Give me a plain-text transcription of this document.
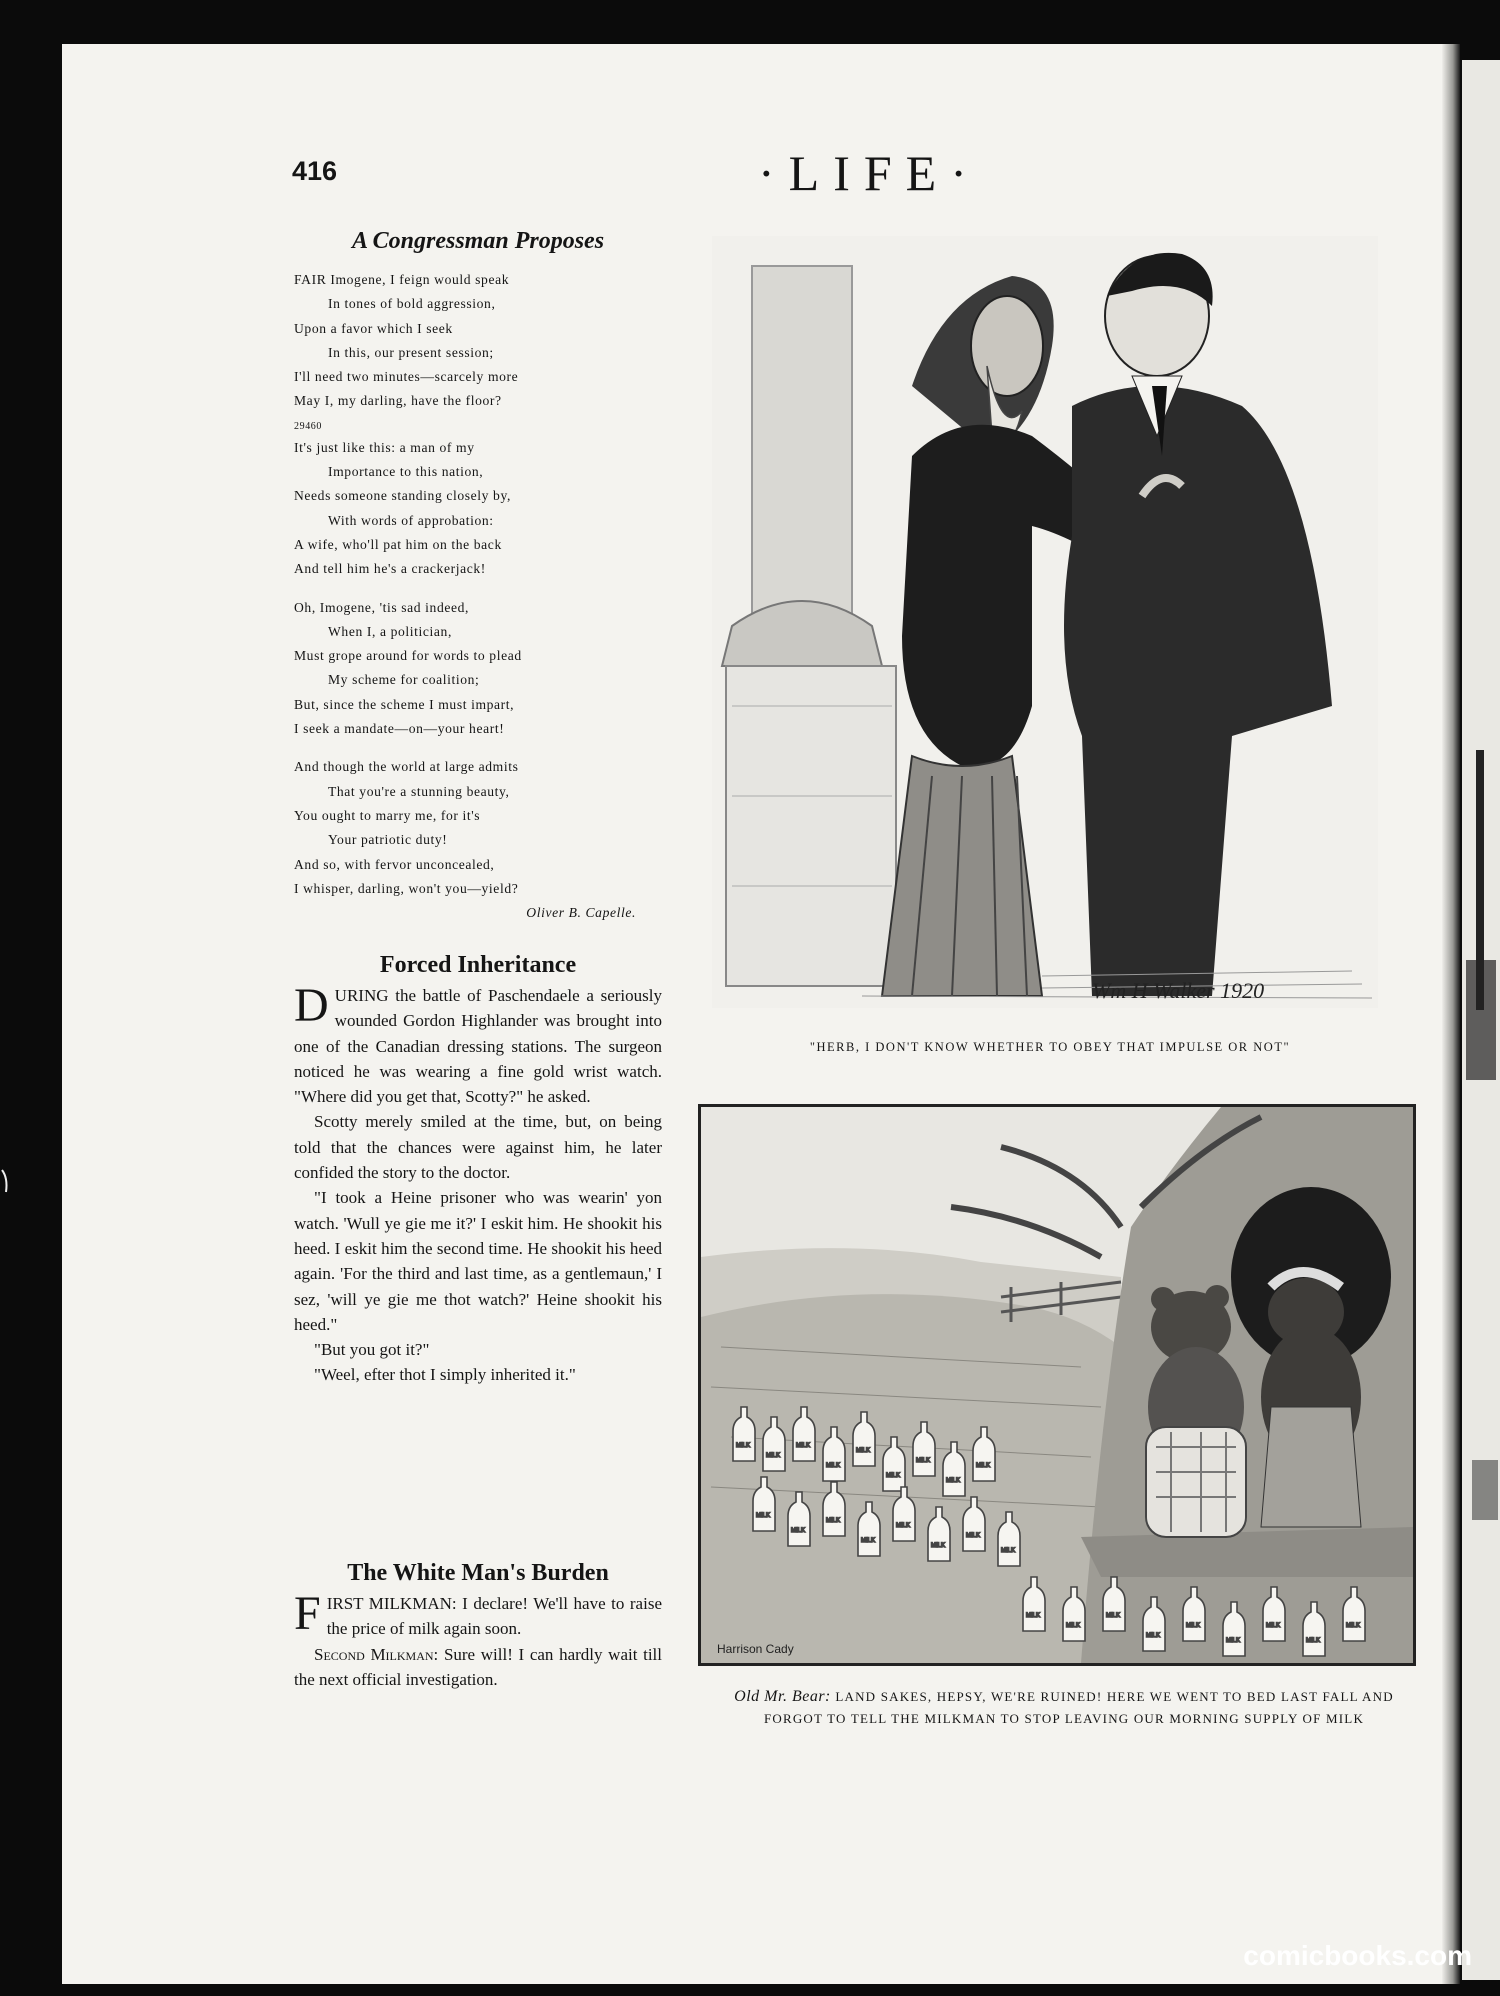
416	·LIFE·
A Congressman Proposes
FAIR Imogene, I feign would speak
In tones of bold aggression,
Upon a favor which I seek
In this, our present session;
I'll need two minutes—scarcely more
May I, my darling, have the floor?
29460
It's just like this: a man of my
Importance to this nation,
Needs someone standing closely by,
With words of approbation:
A wife, who'll pat him on the back
And tell him he's a crackerjack!
Oh, Imogene, 'tis sad indeed,
When I, a politician,
Must grope around for words to plead
My scheme for coalition;
But, since the scheme I must impart,
I seek a mandate—on—your heart!
And though the world at large admits
That you're a stunning beauty,
You ought to marry me, for it's
Your patriotic duty!
And so, with fervor unconcealed,
I whisper, darling, won't you—yield?
Oliver B. Capelle.
Forced Inheritance

DURING the battle of Paschendaele a seriously wounded Gordon Highlander was brought into one of the Canadian dressing stations. The surgeon noticed he was wearing a fine gold wrist watch. "Where did you get that, Scotty?" he asked.

Scotty merely smiled at the time, but, on being told that the chances were against him, he later confided the story to the doctor.

"I took a Heine prisoner who was wearin' yon watch. 'Wull ye gie me it?' I eskit him. He shookit his heed. I eskit him the second time. He shookit his heed again. 'For the third and last time, as a gentlemaun,' I sez, 'will ye gie me thot watch?' Heine shookit his heed."

"But you got it?"

"Weel, efter thot I simply inherited it."

The White Man's Burden

FIRST MILKMAN: I declare! We'll have to raise the price of milk again soon.

Second Milkman: Sure will! I can hardly wait till the next official investigation.

Wm H Walker 1920
"HERB, I DON'T KNOW WHETHER TO OBEY THAT IMPULSE OR NOT"
MILK
MILK
MILK
MILK
MILK
MILK
MILK
MILK
MILK
MILK
MILK
MILK
MILK
MILK
MILK
MILK
MILK
MILK
MILK
MILK
MILK
MILK
MILK
MILK
MILK
MILK
Harrison Cady
Old Mr. Bear: LAND SAKES, HEPSY, WE'RE RUINED! HERE WE WENT TO BED LAST FALL AND FORGOT TO TELL THE MILKMAN TO STOP LEAVING OUR MORNING SUPPLY OF MILK
comicbooks.com
